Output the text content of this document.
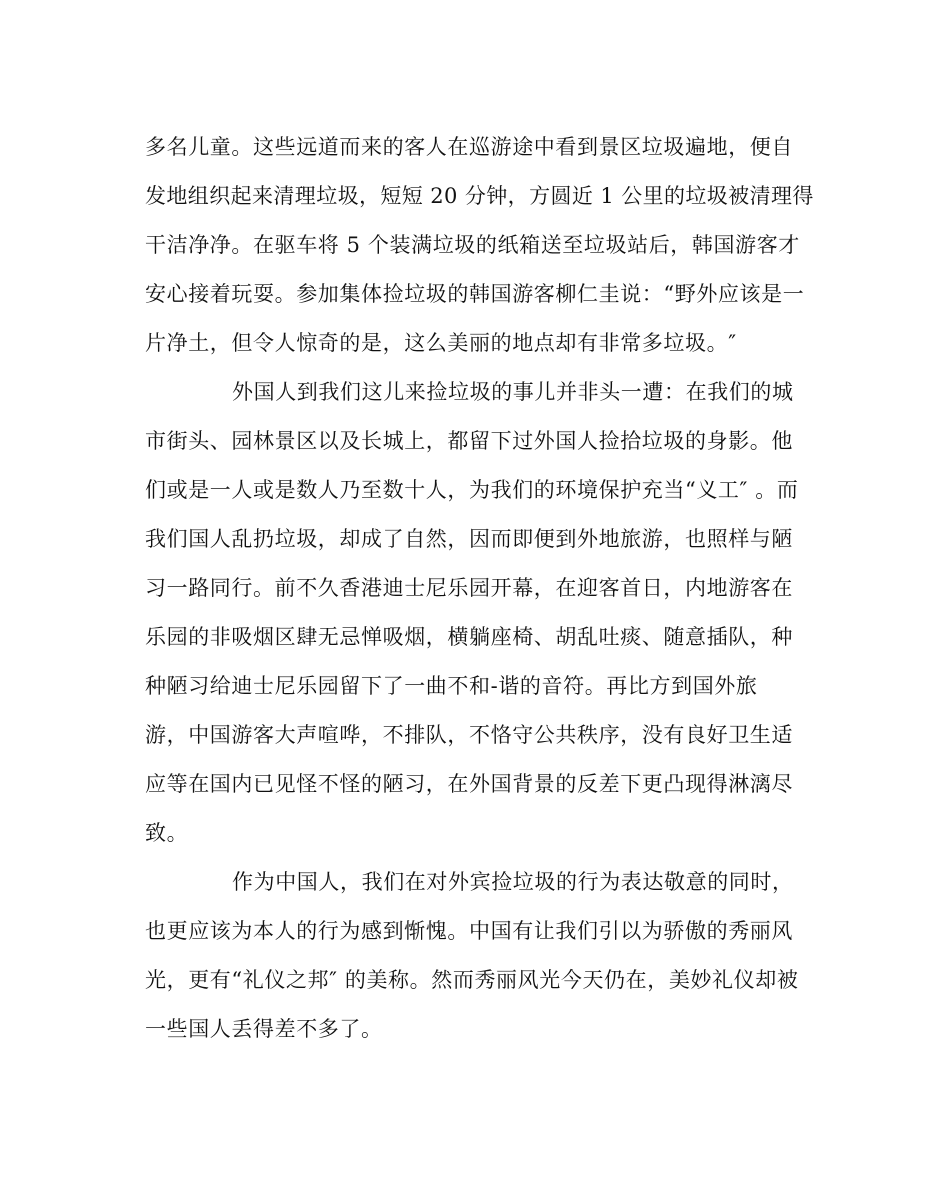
多名儿童。这些远道而来的客人在巡游途中看到景区垃圾遍地，便自
发地组织起来清理垃圾，短短 20 分钟，方圆近 1 公里的垃圾被清理得
干洁净净。在驱车将 5 个装满垃圾的纸箱送至垃圾站后，韩国游客才
安心接着玩耍。参加集体捡垃圾的韩国游客柳仁圭说：“野外应该是一
片净土，但令人惊奇的是，这么美丽的地点却有非常多垃圾。″
外国人到我们这儿来捡垃圾的事儿并非头一遭：在我们的城
市街头、园林景区以及长城上，都留下过外国人捡拾垃圾的身影。他
们或是一人或是数人乃至数十人，为我们的环境保护充当“义工″ 。而
我们国人乱扔垃圾，却成了自然，因而即便到外地旅游，也照样与陋
习一路同行。前不久香港迪士尼乐园开幕，在迎客首日，内地游客在
乐园的非吸烟区肆无忌惮吸烟，横躺座椅、胡乱吐痰、随意插队，种
种陋习给迪士尼乐园留下了一曲不和-谐的音符。再比方到国外旅
游，中国游客大声喧哗，不排队，不恪守公共秩序，没有良好卫生适
应等在国内已见怪不怪的陋习，在外国背景的反差下更凸现得淋漓尽
致。
作为中国人，我们在对外宾捡垃圾的行为表达敬意的同时，
也更应该为本人的行为感到惭愧。中国有让我们引以为骄傲的秀丽风
光，更有“礼仪之邦″ 的美称。然而秀丽风光今天仍在，美妙礼仪却被
一些国人丢得差不多了。
